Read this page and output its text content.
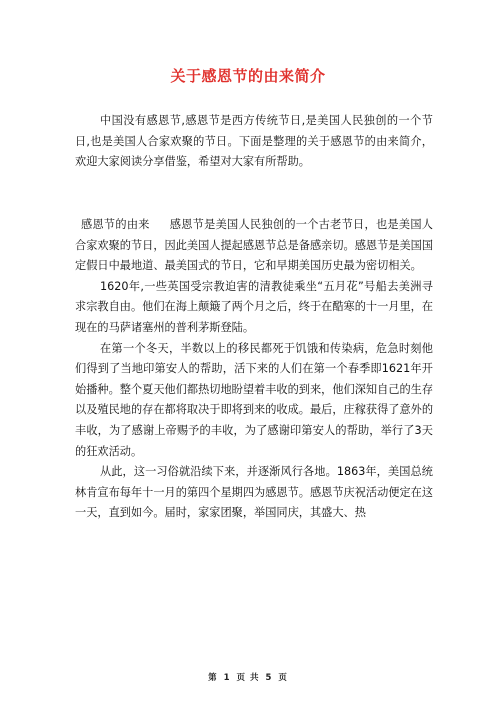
关于感恩节的由来简介

中国没有感恩节,感恩节是西方传统节日,是美国人民独创的一个节日,也是美国人合家欢聚的节日。下面是整理的关于感恩节的由来简介，欢迎大家阅读分享借鉴，希望对大家有所帮助。

感恩节的由来 感恩节是美国人民独创的一个古老节日，也是美国人合家欢聚的节日，因此美国人提起感恩节总是备感亲切。感恩节是美国国定假日中最地道、最美国式的节日，它和早期美国历史最为密切相关。

1620年,一些英国受宗教迫害的清教徒乘坐“五月花”号船去美洲寻求宗教自由。他们在海上颠簸了两个月之后，终于在酷寒的十一月里，在现在的马萨诸塞州的普利茅斯登陆。

在第一个冬天，半数以上的移民都死于饥饿和传染病，危急时刻他们得到了当地印第安人的帮助，活下来的人们在第一个春季即1621年开始播种。整个夏天他们都热切地盼望着丰收的到来，他们深知自己的生存以及殖民地的存在都将取决于即将到来的收成。最后，庄稼获得了意外的丰收，为了感谢上帝赐予的丰收，为了感谢印第安人的帮助，举行了3天的狂欢活动。

从此，这一习俗就沿续下来，并逐渐风行各地。1863年，美国总统林肯宣布每年十一月的第四个星期四为感恩节。感恩节庆祝活动便定在这一天，直到如今。届时，家家团聚，举国同庆，其盛大、热

第 1 页 共 5 页
